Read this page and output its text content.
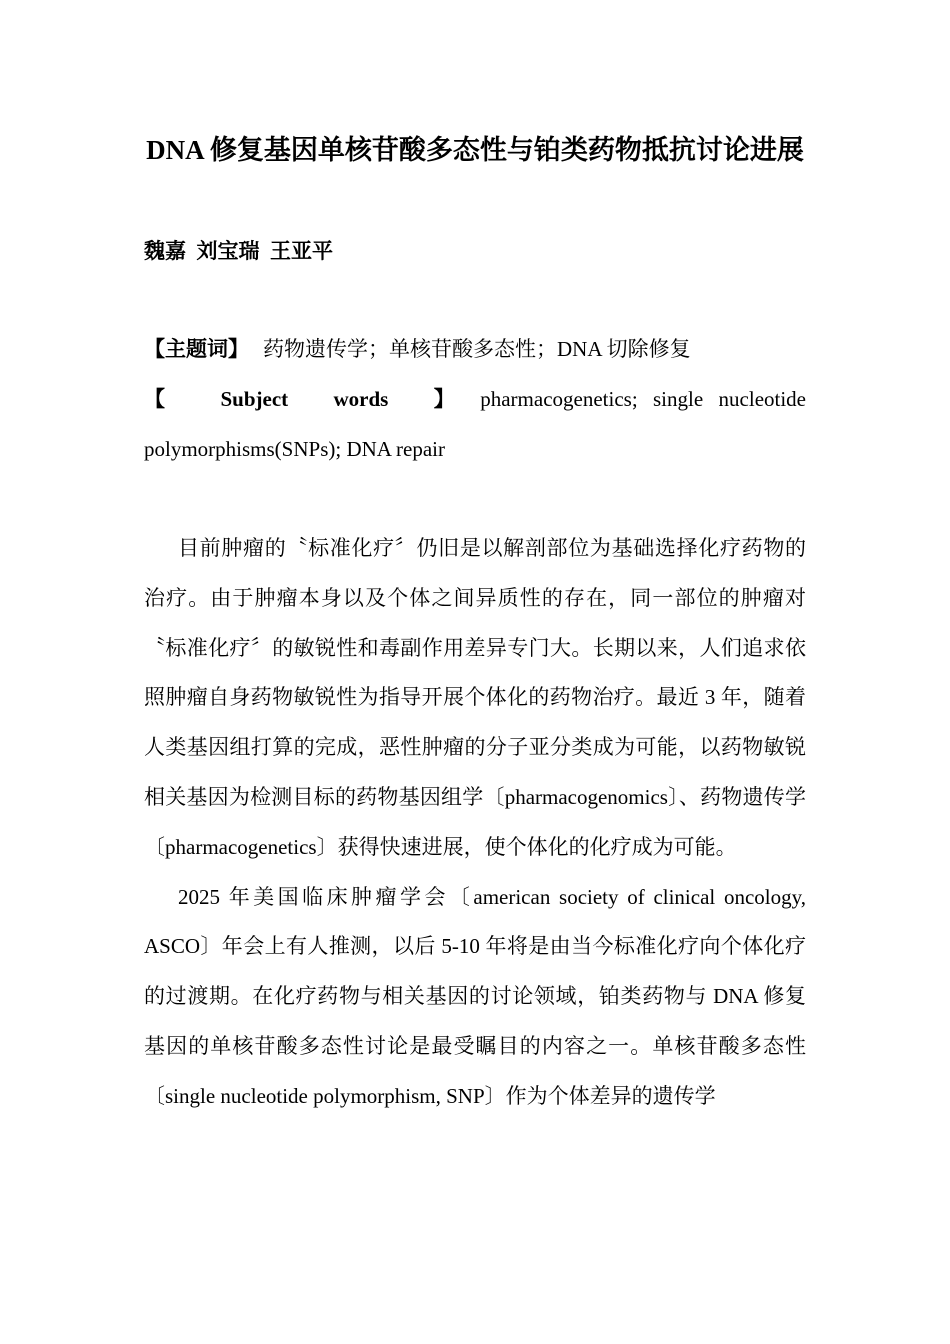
DNA 修复基因单核苷酸多态性与铂类药物抵抗讨论进展

魏嘉  刘宝瑞  王亚平

【主题词】 药物遗传学；单核苷酸多态性；DNA 切除修复

【 Subject words 】 pharmacogenetics; single nucleotide polymorphisms(SNPs); DNA repair

目前肿瘤的〝标准化疗〞仍旧是以解剖部位为基础选择化疗药物的治疗。由于肿瘤本身以及个体之间异质性的存在，同一部位的肿瘤对〝标准化疗〞的敏锐性和毒副作用差异专门大。长期以来，人们追求依照肿瘤自身药物敏锐性为指导开展个体化的药物治疗。最近 3 年，随着人类基因组打算的完成，恶性肿瘤的分子亚分类成为可能，以药物敏锐相关基因为检测目标的药物基因组学〔pharmacogenomics〕、药物遗传学〔pharmacogenetics〕获得快速进展，使个体化的化疗成为可能。

2025 年美国临床肿瘤学会〔american society of clinical oncology, ASCO〕年会上有人推测，以后 5-10 年将是由当今标准化疗向个体化疗的过渡期。在化疗药物与相关基因的讨论领域，铂类药物与 DNA 修复基因的单核苷酸多态性讨论是最受瞩目的内容之一。单核苷酸多态性〔single nucleotide polymorphism, SNP〕作为个体差异的遗传学
